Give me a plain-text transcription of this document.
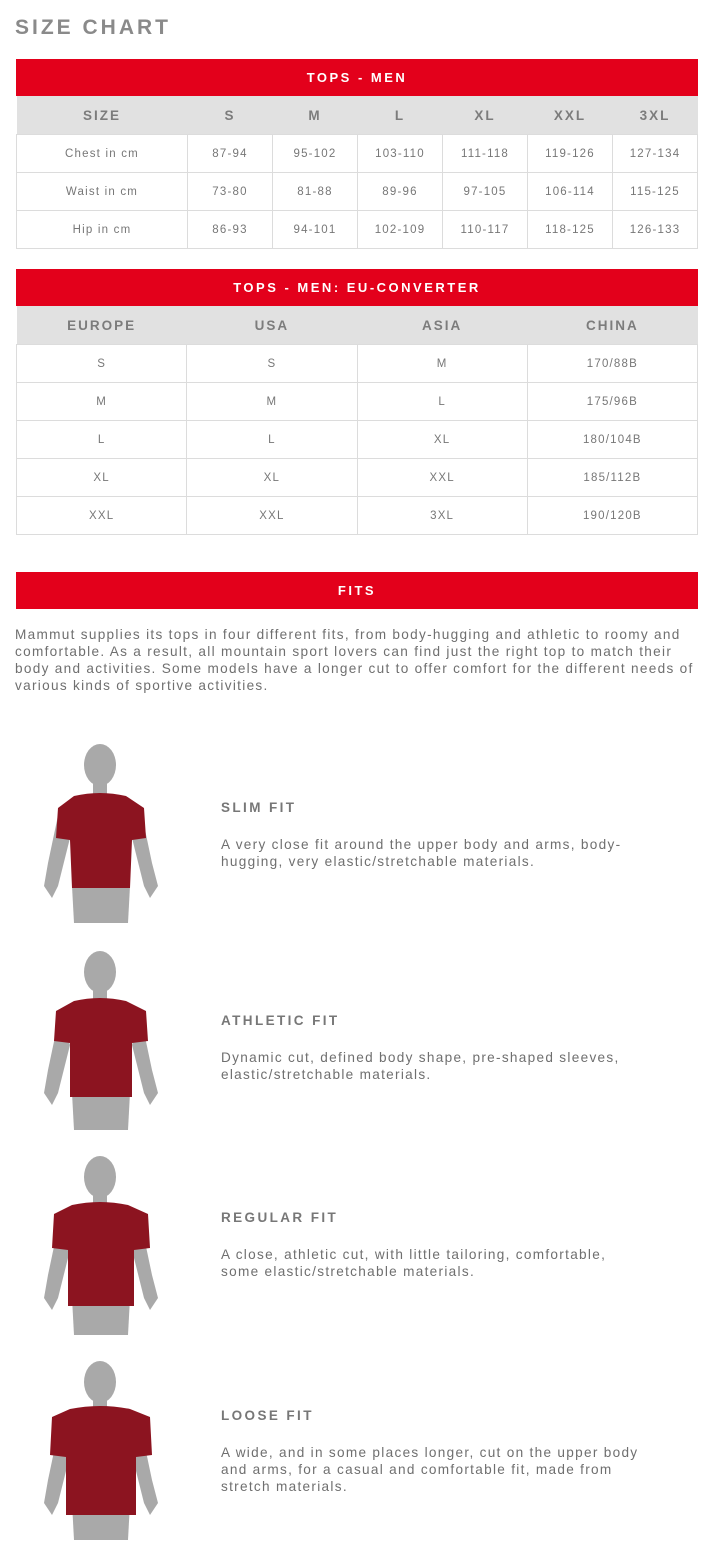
SIZE CHART
TOPS - MEN
SIZE	S	M	L	XL	XXL	3XL
Chest in cm	87-94	95-102	103-110	111-118	119-126	127-134
Waist in cm	73-80	81-88	89-96	97-105	106-114	115-125
Hip in cm	86-93	94-101	102-109	110-117	118-125	126-133
TOPS - MEN: EU-CONVERTER
EUROPE	USA	ASIA	CHINA
S	S	M	170/88B
M	M	L	175/96B
L	L	XL	180/104B
XL	XL	XXL	185/112B
XXL	XXL	3XL	190/120B
FITS

Mammut supplies its tops in four different fits, from body-hugging and athletic to roomy and comfortable. As a result, all mountain sport lovers can find just the right top to match their body and activities. Some models have a longer cut to offer comfort for the different needs of various kinds of sportive activities.

SLIM FIT

A very close fit around the upper body and arms, body-hugging, very elastic/stretchable materials.

ATHLETIC FIT

Dynamic cut, defined body shape, pre-shaped sleeves, elastic/stretchable materials.

REGULAR FIT

A close, athletic cut, with little tailoring, comfortable, some elastic/stretchable materials.

LOOSE FIT

A wide, and in some places longer, cut on the upper body and arms, for a casual and comfortable fit, made from stretch materials.
